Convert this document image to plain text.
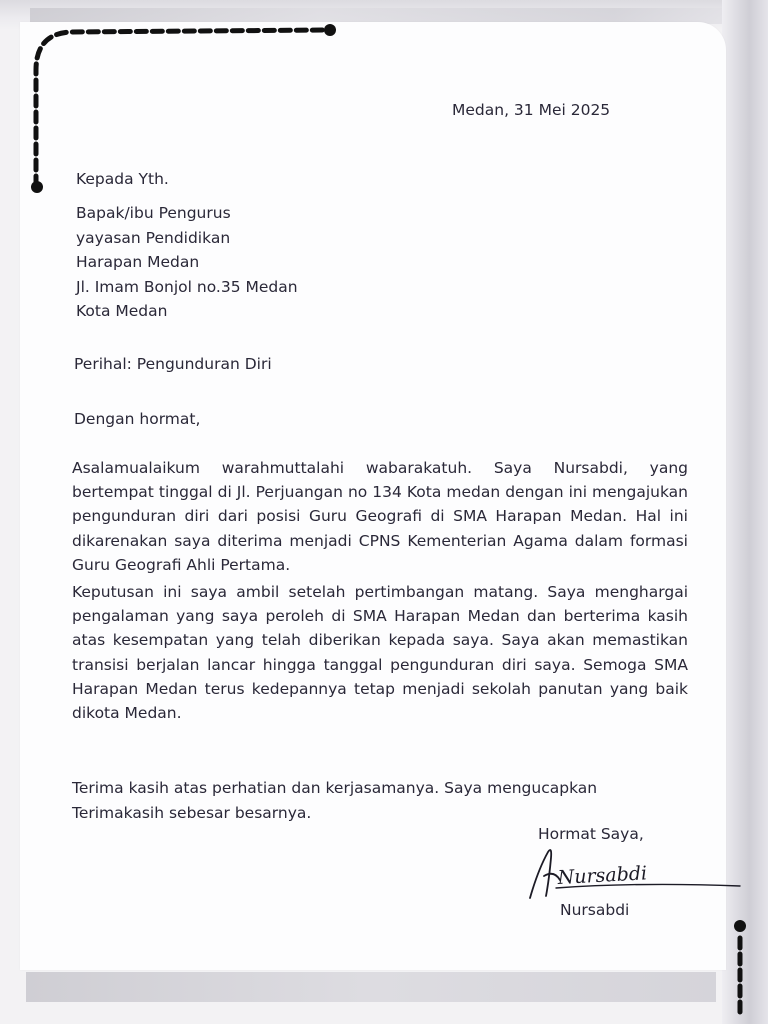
Medan, 31 Mei 2025

Kepada Yth.

Bapak/ibu Pengurus
yayasan Pendidikan
Harapan Medan
Jl. Imam Bonjol no.35 Medan
Kota Medan

Perihal: Pengunduran Diri

Dengan hormat,

Asalamualaikum warahmuttalahi wabarakatuh. Saya Nursabdi, yang bertempat tinggal di Jl. Perjuangan no 134 Kota medan dengan ini mengajukan pengunduran diri dari posisi Guru Geografi di SMA Harapan Medan. Hal ini dikarenakan saya diterima menjadi CPNS Kementerian Agama dalam formasi Guru Geografi Ahli Pertama.

Keputusan ini saya ambil setelah pertimbangan matang. Saya menghargai pengalaman yang saya peroleh di SMA Harapan Medan dan berterima kasih atas kesempatan yang telah diberikan kepada saya. Saya akan memastikan transisi berjalan lancar hingga tanggal pengunduran diri saya. Semoga SMA Harapan Medan terus kedepannya tetap menjadi sekolah panutan yang baik dikota Medan.

Terima kasih atas perhatian dan kerjasamanya. Saya mengucapkan

Terimakasih sebesar besarnya.

Hormat Saya,

Nursabdi

Nursabdi
